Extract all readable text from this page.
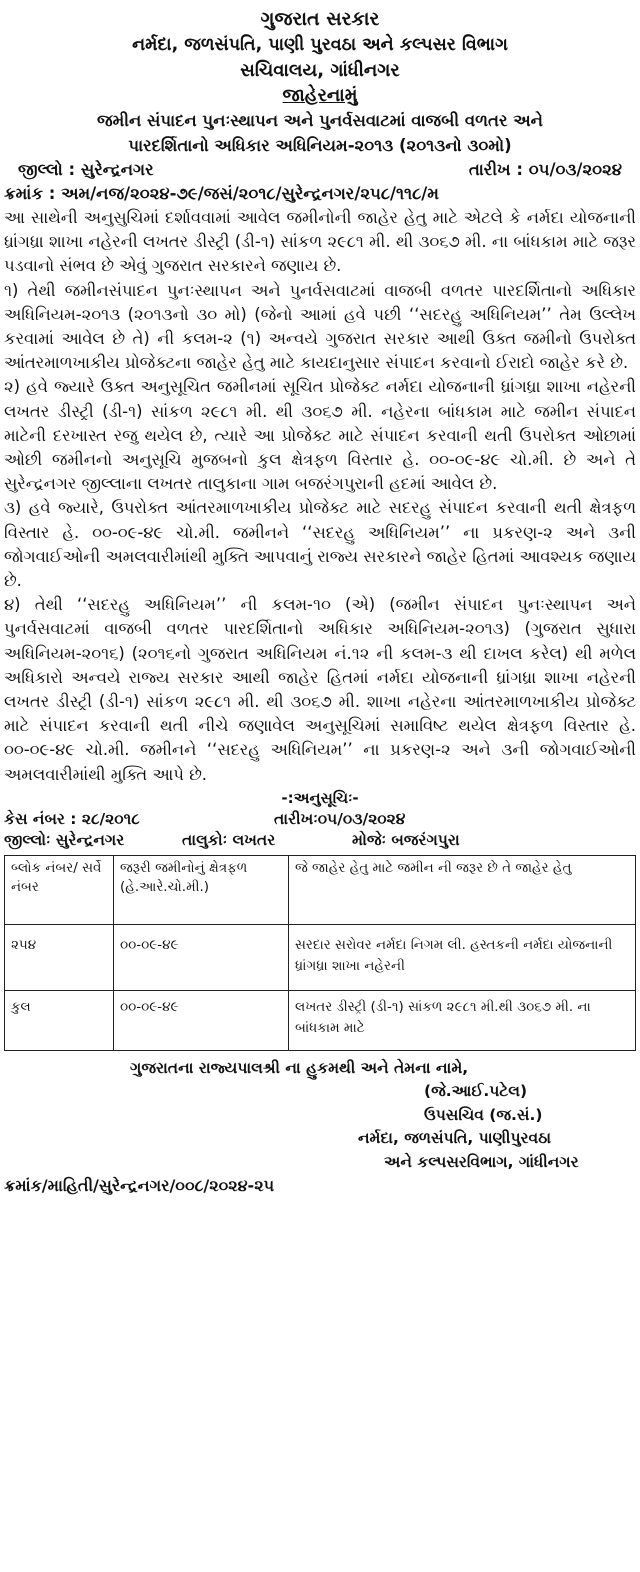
ગુજરાત સરકાર
નર્મદા, જળસંપતિ, પાણી પુરવઠા અને કલ્પસર વિભાગ
સચિવાલય, ગાંધીનગર
જાહેરનામું
જમીન સંપાદન પુનઃસ્થાપન અને પુનર્વસવાટમાં વાજબી વળતર અને
પારદર્શિતાનો અધિકાર અધિનિયમ-૨૦૧૩ (૨૦૧૩નો ૩૦મો)
જીલ્લો : સુરેન્દ્રનગર	તારીખ : ૦૫/૦૩/૨૦૨૪
ક્રમાંક : અમ/નજ/૨૦૨૪-૭૯/જસં/૨૦૧૮/સુરેન્દ્રનગર/૨૫૮/૧૧૮/મ

આ સાથેની અનુસુચિમાં દર્શાવવામાં આવેલ જમીનોની જાહેર હેતુ માટે એટલે કે નર્મદા યોજનાની ધ્રાંગધ્રા શાખા નહેરની લખતર ડીસ્ટ્રી (ડી-૧) સાંકળ ૨૯૮૧ મી. થી ૩૦૬૭ મી. ના બાંધકામ માટે જરૂર પડવાનો સંભવ છે એવું ગુજરાત સરકારને જણાય છે.

૧) તેથી જમીનસંપાદન પુનઃસ્થાપન અને પુનર્વસવાટમાં વાજબી વળતર પારદર્શિતાનો અધિકાર અધિનિયમ-૨૦૧૩ (૨૦૧૩નો ૩૦ મો) (જેનો આમાં હવે પછી ‘‘સદરહુ અધિનિયમ’’ તેમ ઉલ્લેખ કરવામાં આવેલ છે તે) ની કલમ-૨ (૧) અન્વયે ગુજરાત સરકાર આથી ઉક્ત જમીનો ઉપરોક્ત આંતરમાળખાકીય પ્રોજેક્ટના જાહેર હેતુ માટે કાયદાનુસાર સંપાદન કરવાનો ઈરાદો જાહેર કરે છે.

૨) હવે જ્યારે ઉક્ત અનુસૂચિત જમીનમાં સૂચિત પ્રોજેક્ટ નર્મદા યોજનાની ધ્રાંગધ્રા શાખા નહેરની લખતર ડીસ્ટ્રી (ડી-૧) સાંકળ ૨૯૮૧ મી. થી ૩૦૬૭ મી. નહેરના બાંધકામ માટે જમીન સંપાદન માટેની દરખાસ્ત રજુ થયેલ છે, ત્યારે આ પ્રોજેક્ટ માટે સંપાદન કરવાની થતી ઉપરોક્ત ઓછામાં ઓછી જમીનનો અનુસૂચિ મુજબનો કુલ ક્ષેત્રફળ વિસ્તાર હે. ૦૦-૦૯-૪૯ ચો.મી. છે અને તે સુરેન્દ્રનગર જીલ્લાના લખતર તાલુકાના ગામ બજરંગપુરાની હદમાં આવેલ છે.

૩) હવે જ્યારે, ઉપરોક્ત આંતરમાળખાકીય પ્રોજેક્ટ માટે સદરહુ સંપાદન કરવાની થતી ક્ષેત્રફળ વિસ્તાર હે. ૦૦-૦૯-૪૯ ચો.મી. જમીનને ‘‘સદરહુ અધિનિયમ’’ ના પ્રકરણ-૨ અને ૩ની જોગવાઈઓની અમલવારીમાંથી મુક્તિ આપવાનું રાજ્ય સરકારને જાહેર હિતમાં આવશ્યક જણાય છે.

૪) તેથી ‘‘સદરહુ અધિનિયમ’’ ની કલમ-૧૦ (એ) (જમીન સંપાદન પુનઃસ્થાપન અને પુનર્વસવાટમાં વાજબી વળતર પારદર્શિતાનો અધિકાર અધિનિયમ-૨૦૧૩) (ગુજરાત સુધારા અધિનિયમ-૨૦૧૬) (૨૦૧૬નો ગુજરાત અધિનિયમ નં.૧૨ ની કલમ-૩ થી દાખલ કરેલ) થી મળેલ અધિકારો અન્વયે રાજ્ય સરકાર આથી જાહેર હિતમાં નર્મદા યોજનાની ધ્રાંગધ્રા શાખા નહેરની લખતર ડીસ્ટ્રી (ડી-૧) સાંકળ ૨૯૮૧ મી. થી ૩૦૬૭ મી. શાખા નહેરના આંતરમાળખાકીય પ્રોજેક્ટ માટે સંપાદન કરવાની થતી નીચે જણાવેલ અનુસૂચિમાં સમાવિષ્ટ થયેલ ક્ષેત્રફળ વિસ્તાર હે. ૦૦-૦૯-૪૯ ચો.મી. જમીનને ‘‘સદરહુ અધિનિયમ’’ ના પ્રકરણ-૨ અને ૩ની જોગવાઈઓની અમલવારીમાંથી મુક્તિ આપે છે.

-:અનુસૂચિઃ-
કેસ નંબર : ૨૮/૨૦૧૮	તારીખઃ૦૫/૦૩/૨૦૨૪
જીલ્લોઃ સુરેન્દ્રનગર	તાલુકોઃ લખતર	મોજેઃ બજરંગપુરા
બ્લોક નંબર/ સર્વે નંબર	જરૂરી જમીનોનું ક્ષેત્રફળ (હે.આરે.ચો.મી.)	જે જાહેર હેતુ માટે જમીન ની જરૂર છે તે જાહેર હેતુ
૨૫૪	૦૦-૦૯-૪૯	સરદાર સરોવર નર્મદા નિગમ લી. હસ્તકની નર્મદા યોજનાની ધ્રાંગધ્રા શાખા નહેરની
કુલ	૦૦-૦૯-૪૯	લખતર ડીસ્ટ્રી (ડી-૧) સાંકળ ૨૯૮૧ મી.થી ૩૦૬૭ મી. ના બાંધકામ માટે
ગુજરાતના રાજ્યપાલશ્રી ના હુકમથી અને તેમના નામે,
(જે.આઈ.પટેલ)
ઉપસચિવ (જ.સં.)
નર્મદા, જળસંપતિ, પાણીપુરવઠા
અને કલ્પસરવિભાગ, ગાંધીનગર
ક્રમાંક/માહિતી/સુરેન્દ્રનગર/૦૦૮/૨૦૨૪-૨૫
